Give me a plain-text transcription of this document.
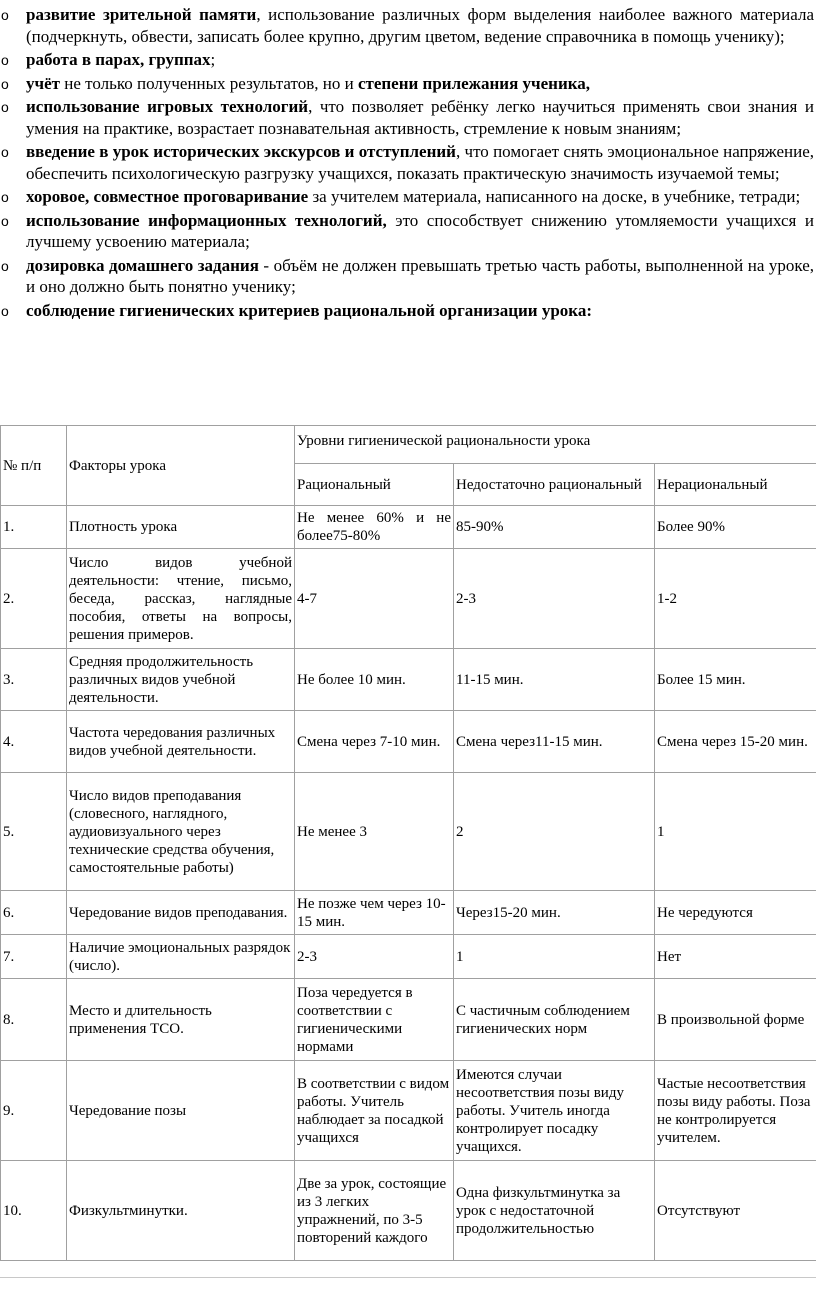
o развитие зрительной памяти, использование различных форм выделения наиболее важного материала (подчеркнуть, обвести, записать более крупно, другим цветом, ведение справочника в помощь ученику);
o работа в парах, группах;
o учёт не только полученных результатов, но и степени прилежания ученика,
o использование игровых технологий, что позволяет ребёнку легко научиться применять свои знания и умения на практике, возрастает познавательная активность, стремление к новым знаниям;
o введение в урок исторических экскурсов и отступлений, что помогает снять эмоциональное напряжение, обеспечить психологическую разгрузку учащихся, показать практическую значимость изучаемой темы;
o хоровое, совместное проговаривание за учителем материала, написанного на доске, в учебнике, тетради;
o использование информационных технологий, это способствует снижению утомляемости учащихся и лучшему усвоению материала;
o дозировка домашнего задания - объём не должен превышать третью часть работы, выполненной на уроке, и оно должно быть понятно ученику;
o соблюдение гигиенических критериев рациональной организации урока:
№ п/п	Факторы урока	Уровни гигиенической рациональности урока		
		Рациональный	Недостаточно рациональный	Нерациональный
1.	Плотность урока	Не менее 60% и не более75-80%	85-90%	Более 90%
2.	Число видов учебной деятельности: чтение, письмо, беседа, рассказ, наглядные пособия, ответы на вопросы, решения примеров.	4-7	2-3	1-2
3.	Средняя продолжительность различных видов учебной деятельности.	Не более 10 мин.	11-15 мин.	Более 15 мин.
4.	Частота чередования различных видов учебной деятельности.	Смена через 7-10 мин.	Смена через11-15 мин.	Смена через 15-20 мин.
5.	Число видов преподавания (словесного, наглядного, аудиовизуального через технические средства обучения, самостоятельные работы)	Не менее 3	2	1
6.	Чередование видов преподавания.	Не позже чем через 10-15 мин.	Через15-20 мин.	Не чередуются
7.	Наличие эмоциональных разрядок (число).	2-3	1	Нет
8.	Место и длительность применения ТСО.	Поза чередуется в соответствии с гигиеническими нормами	С частичным соблюдением гигиенических норм	В произвольной форме
9.	Чередование позы	В соответствии с видом работы. Учитель наблюдает за посадкой учащихся	Имеются случаи несоответствия позы виду работы. Учитель иногда контролирует посадку учащихся.	Частые несоответствия позы виду работы. Поза не контролируется учителем.
10.	Физкультминутки.	Две за урок, состоящие из 3 легких упражнений, по 3-5 повторений каждого	Одна физкультминутка за урок с недостаточной продолжительностью	Отсутствуют
